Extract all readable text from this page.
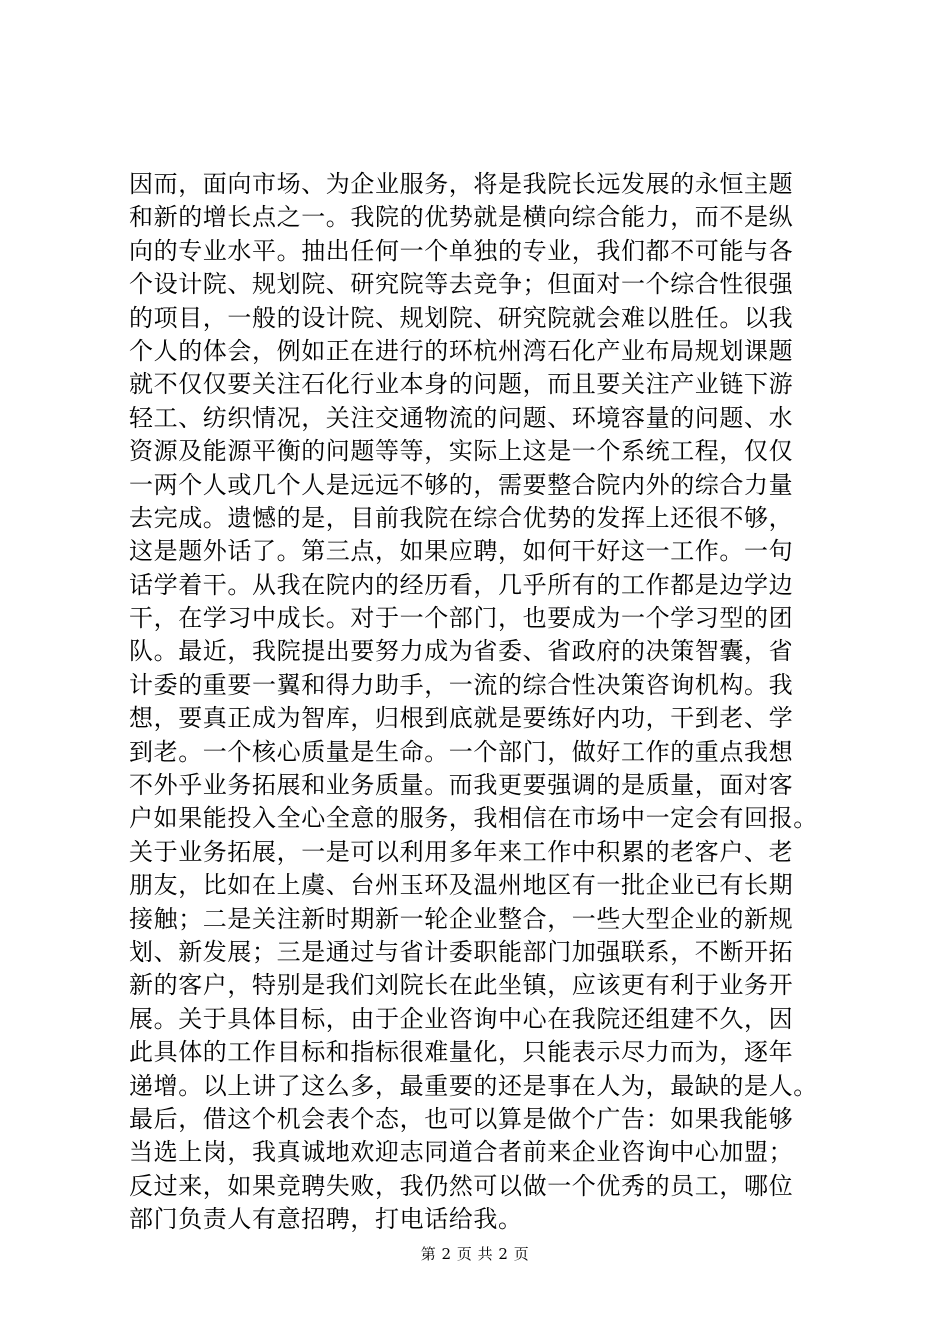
因而，面向市场、为企业服务，将是我院长远发展的永恒主题
和新的增长点之一。我院的优势就是横向综合能力，而不是纵
向的专业水平。抽出任何一个单独的专业，我们都不可能与各
个设计院、规划院、研究院等去竞争；但面对一个综合性很强
的项目，一般的设计院、规划院、研究院就会难以胜任。以我
个人的体会，例如正在进行的环杭州湾石化产业布局规划课题
就不仅仅要关注石化行业本身的问题，而且要关注产业链下游
轻工、纺织情况，关注交通物流的问题、环境容量的问题、水
资源及能源平衡的问题等等，实际上这是一个系统工程，仅仅
一两个人或几个人是远远不够的，需要整合院内外的综合力量
去完成。遗憾的是，目前我院在综合优势的发挥上还很不够，
这是题外话了。第三点，如果应聘，如何干好这一工作。一句
话学着干。从我在院内的经历看，几乎所有的工作都是边学边
干，在学习中成长。对于一个部门，也要成为一个学习型的团
队。最近，我院提出要努力成为省委、省政府的决策智囊，省
计委的重要一翼和得力助手，一流的综合性决策咨询机构。我
想，要真正成为智库，归根到底就是要练好内功，干到老、学
到老。一个核心质量是生命。一个部门，做好工作的重点我想
不外乎业务拓展和业务质量。而我更要强调的是质量，面对客
户如果能投入全心全意的服务，我相信在市场中一定会有回报。
关于业务拓展，一是可以利用多年来工作中积累的老客户、老
朋友，比如在上虞、台州玉环及温州地区有一批企业已有长期
接触；二是关注新时期新一轮企业整合，一些大型企业的新规
划、新发展；三是通过与省计委职能部门加强联系，不断开拓
新的客户，特别是我们刘院长在此坐镇，应该更有利于业务开
展。关于具体目标，由于企业咨询中心在我院还组建不久，因
此具体的工作目标和指标很难量化，只能表示尽力而为，逐年
递增。以上讲了这么多，最重要的还是事在人为，最缺的是人。
最后，借这个机会表个态，也可以算是做个广告：如果我能够
当选上岗，我真诚地欢迎志同道合者前来企业咨询中心加盟；
反过来，如果竞聘失败，我仍然可以做一个优秀的员工，哪位
部门负责人有意招聘，打电话给我。
第 2 页 共 2 页
